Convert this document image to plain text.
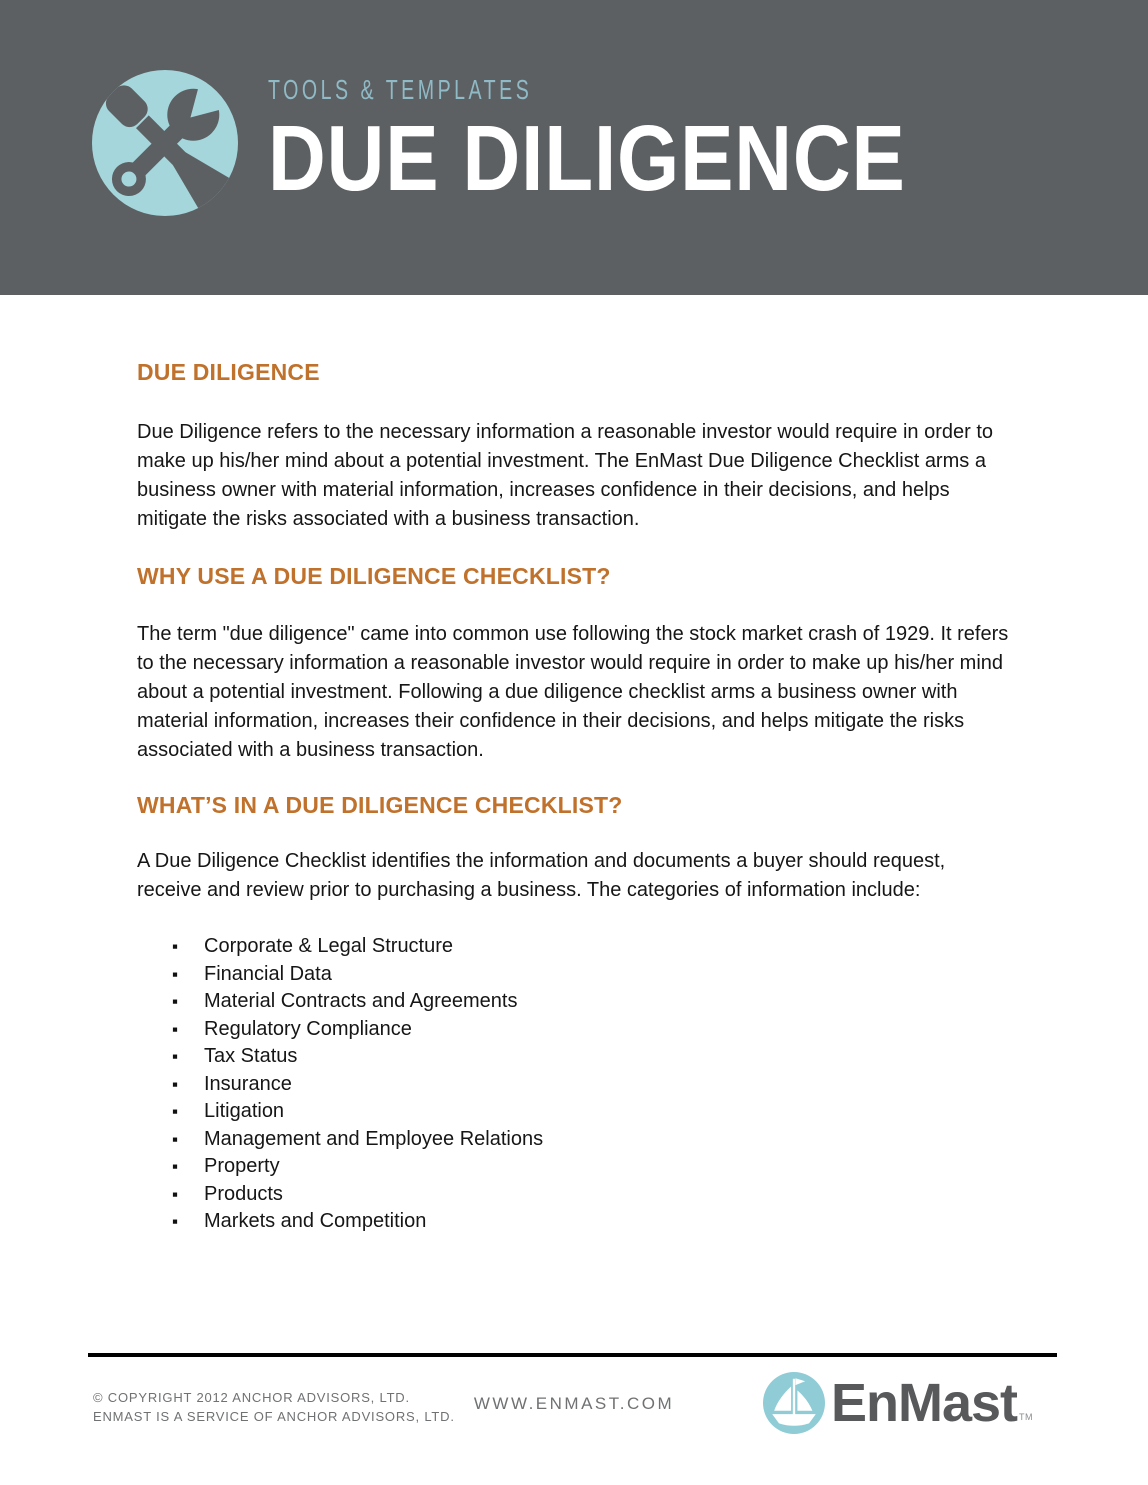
TOOLS & TEMPLATES
DUE DILIGENCE
DUE DILIGENCE

Due Diligence refers to the necessary information a reasonable investor would require in order to make up his/her mind about a potential investment. The EnMast Due Diligence Checklist arms a business owner with material information, increases confidence in their decisions, and helps mitigate the risks associated with a business transaction.

WHY USE A DUE DILIGENCE CHECKLIST?

The term "due diligence" came into common use following the stock market crash of 1929. It refers to the necessary information a reasonable investor would require in order to make up his/her mind about a potential investment. Following a due diligence checklist arms a business owner with material information, increases their confidence in their decisions, and helps mitigate the risks associated with a business transaction.

WHAT’S IN A DUE DILIGENCE CHECKLIST?

A Due Diligence Checklist identifies the information and documents a buyer should request, receive and review prior to purchasing a business. The categories of information include:

▪ Corporate & Legal Structure
▪ Financial Data
▪ Material Contracts and Agreements
▪ Regulatory Compliance
▪ Tax Status
▪ Insurance
▪ Litigation
▪ Management and Employee Relations
▪ Property
▪ Products
▪ Markets and Competition
© COPYRIGHT 2012 ANCHOR ADVISORS, LTD.
ENMAST IS A SERVICE OF ANCHOR ADVISORS, LTD.
WWW.ENMAST.COM	EnMast TM
